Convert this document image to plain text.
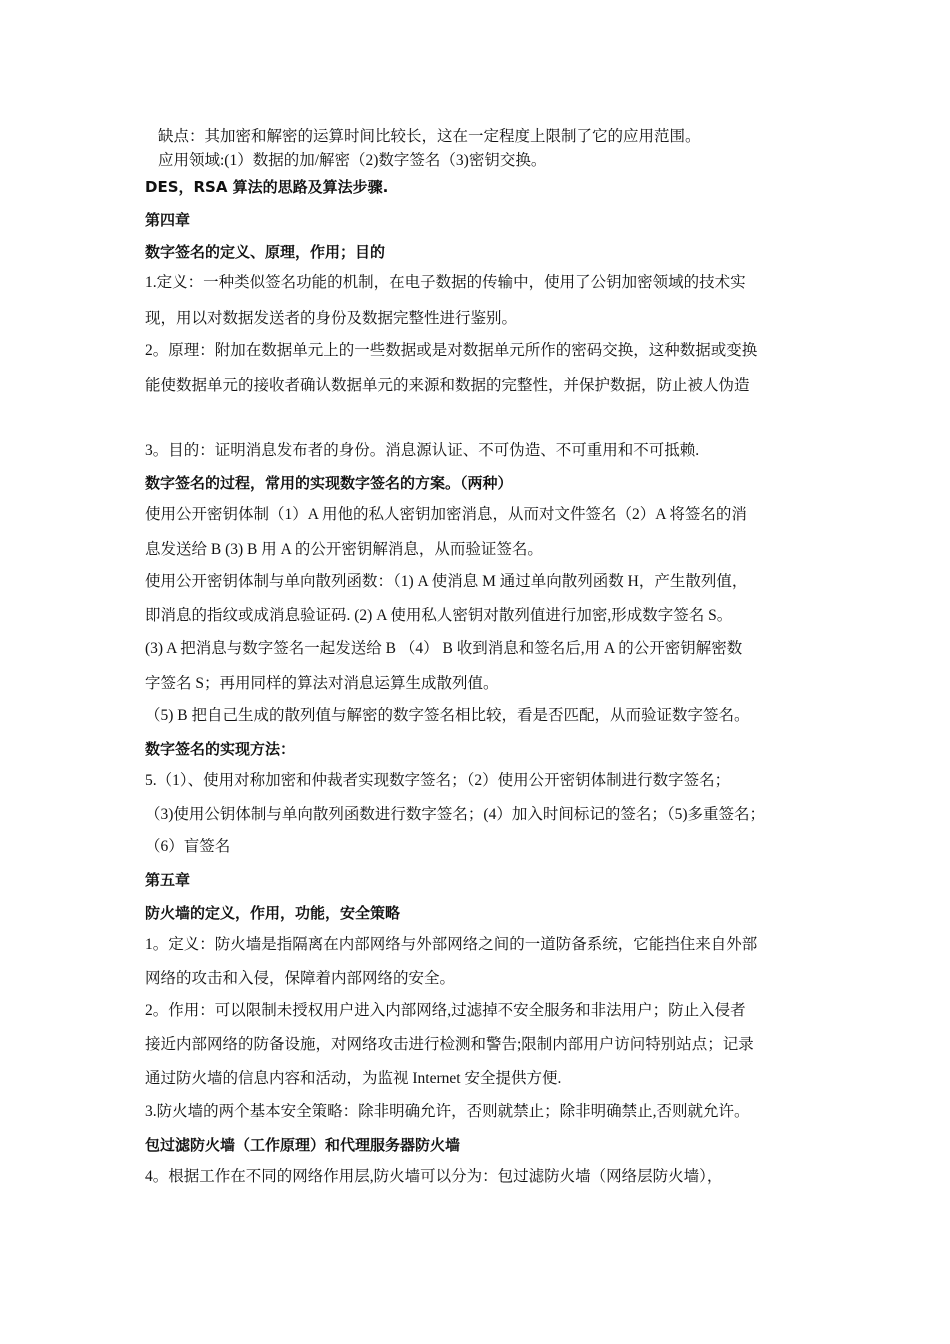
缺点：其加密和解密的运算时间比较长，这在一定程度上限制了它的应用范围。
应用领域:(1）数据的加/解密（2)数字签名（3)密钥交换。
DES，RSA 算法的思路及算法步骤.
第四章
数字签名的定义、原理，作用；目的
1.定义：一种类似签名功能的机制，在电子数据的传输中，使用了公钥加密领域的技术实
现，用以对数据发送者的身份及数据完整性进行鉴别。
2。原理：附加在数据单元上的一些数据或是对数据单元所作的密码交换，这种数据或变换
能使数据单元的接收者确认数据单元的来源和数据的完整性，并保护数据，防止被人伪造
3。目的：证明消息发布者的身份。消息源认证、不可伪造、不可重用和不可抵赖.
数字签名的过程，常用的实现数字签名的方案。（两种）
使用公开密钥体制（1）A 用他的私人密钥加密消息，从而对文件签名（2）A 将签名的消
息发送给 B (3) B 用 A 的公开密钥解消息，从而验证签名。
使用公开密钥体制与单向散列函数：（1) A 使消息 M 通过单向散列函数 H，产生散列值，
即消息的指纹或成消息验证码. (2) A 使用私人密钥对散列值进行加密,形成数字签名 S。
(3) A 把消息与数字签名一起发送给 B （4） B 收到消息和签名后,用 A 的公开密钥解密数
字签名 S；再用同样的算法对消息运算生成散列值。
（5) B 把自己生成的散列值与解密的数字签名相比较，看是否匹配，从而验证数字签名。
数字签名的实现方法：
5.（1）、使用对称加密和仲裁者实现数字签名；（2）使用公开密钥体制进行数字签名；
（3)使用公钥体制与单向散列函数进行数字签名；(4）加入时间标记的签名；（5)多重签名；
（6）盲签名
第五章
防火墙的定义，作用，功能，安全策略
1。定义：防火墙是指隔离在内部网络与外部网络之间的一道防备系统，它能挡住来自外部
网络的攻击和入侵，保障着内部网络的安全。
2。作用：可以限制未授权用户进入内部网络,过滤掉不安全服务和非法用户；防止入侵者
接近内部网络的防备设施，对网络攻击进行检测和警告;限制内部用户访问特别站点；记录
通过防火墙的信息内容和活动，为监视 Internet 安全提供方便.
3.防火墙的两个基本安全策略：除非明确允许，否则就禁止；除非明确禁止,否则就允许。
包过滤防火墙（工作原理）和代理服务器防火墙
4。根据工作在不同的网络作用层,防火墙可以分为：包过滤防火墙（网络层防火墙），
